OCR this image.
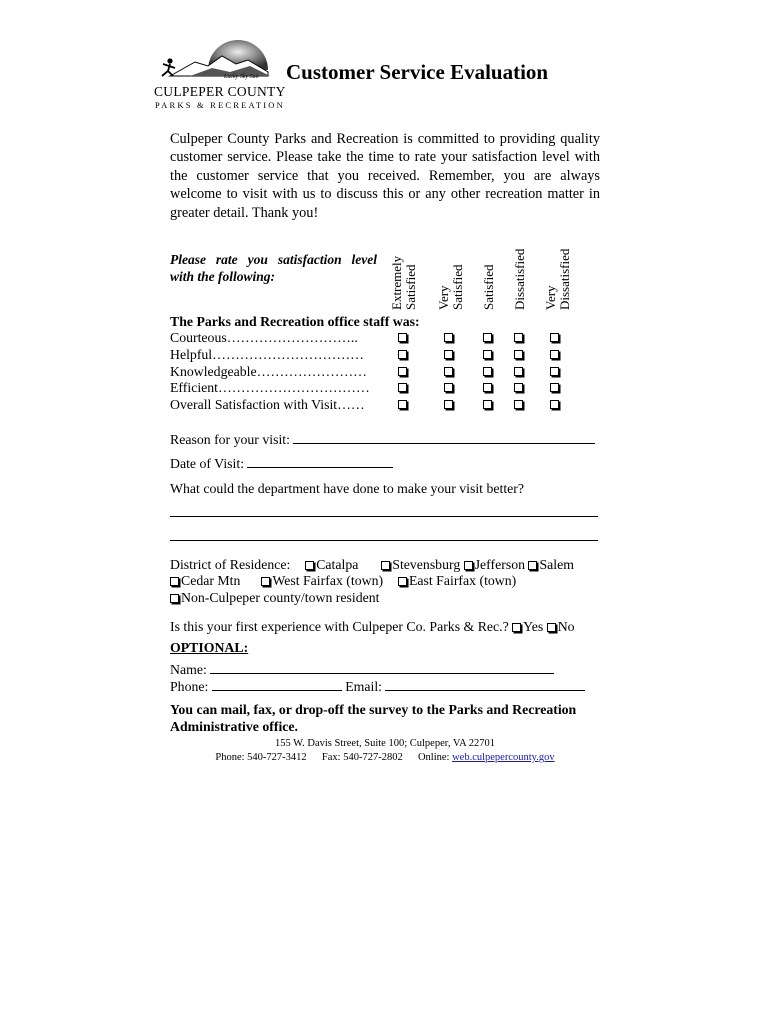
Lucky Sky Sun
CULPEPER COUNTY
PARKS & RECREATION
Customer Service Evaluation
Culpeper County Parks and Recreation is committed to providing quality customer service. Please take the time to rate your satisfaction level with the customer service that you received. Remember, you are always welcome to visit with us to discuss this or any other recreation matter in greater detail. Thank you!
Please rate you satisfaction level with the following:	Extremely Satisfied Very Satisfied Satisfied Dissatisfied Very Dissatisfied
The Parks and Recreation office staff was:
Courteous………………………..
Helpful……………………………
Knowledgeable……………………
Efficient……………………………
Overall Satisfaction with Visit……
Reason for your visit:
Date of Visit:
What could the department have done to make your visit better?
District of Residence: Catalpa Stevensburg Jefferson Salem
Cedar Mtn West Fairfax (town) East Fairfax (town)
Non-Culpeper county/town resident
Is this your first experience with Culpeper Co. Parks & Rec.? Yes No
OPTIONAL:
Name:
Phone:	Email:
You can mail, fax, or drop-off the survey to the Parks and Recreation Administrative office.
155 W. Davis Street, Suite 100; Culpeper, VA 22701
Phone: 540-727-3412 Fax: 540-727-2802 Online: web.culpepercounty.gov
